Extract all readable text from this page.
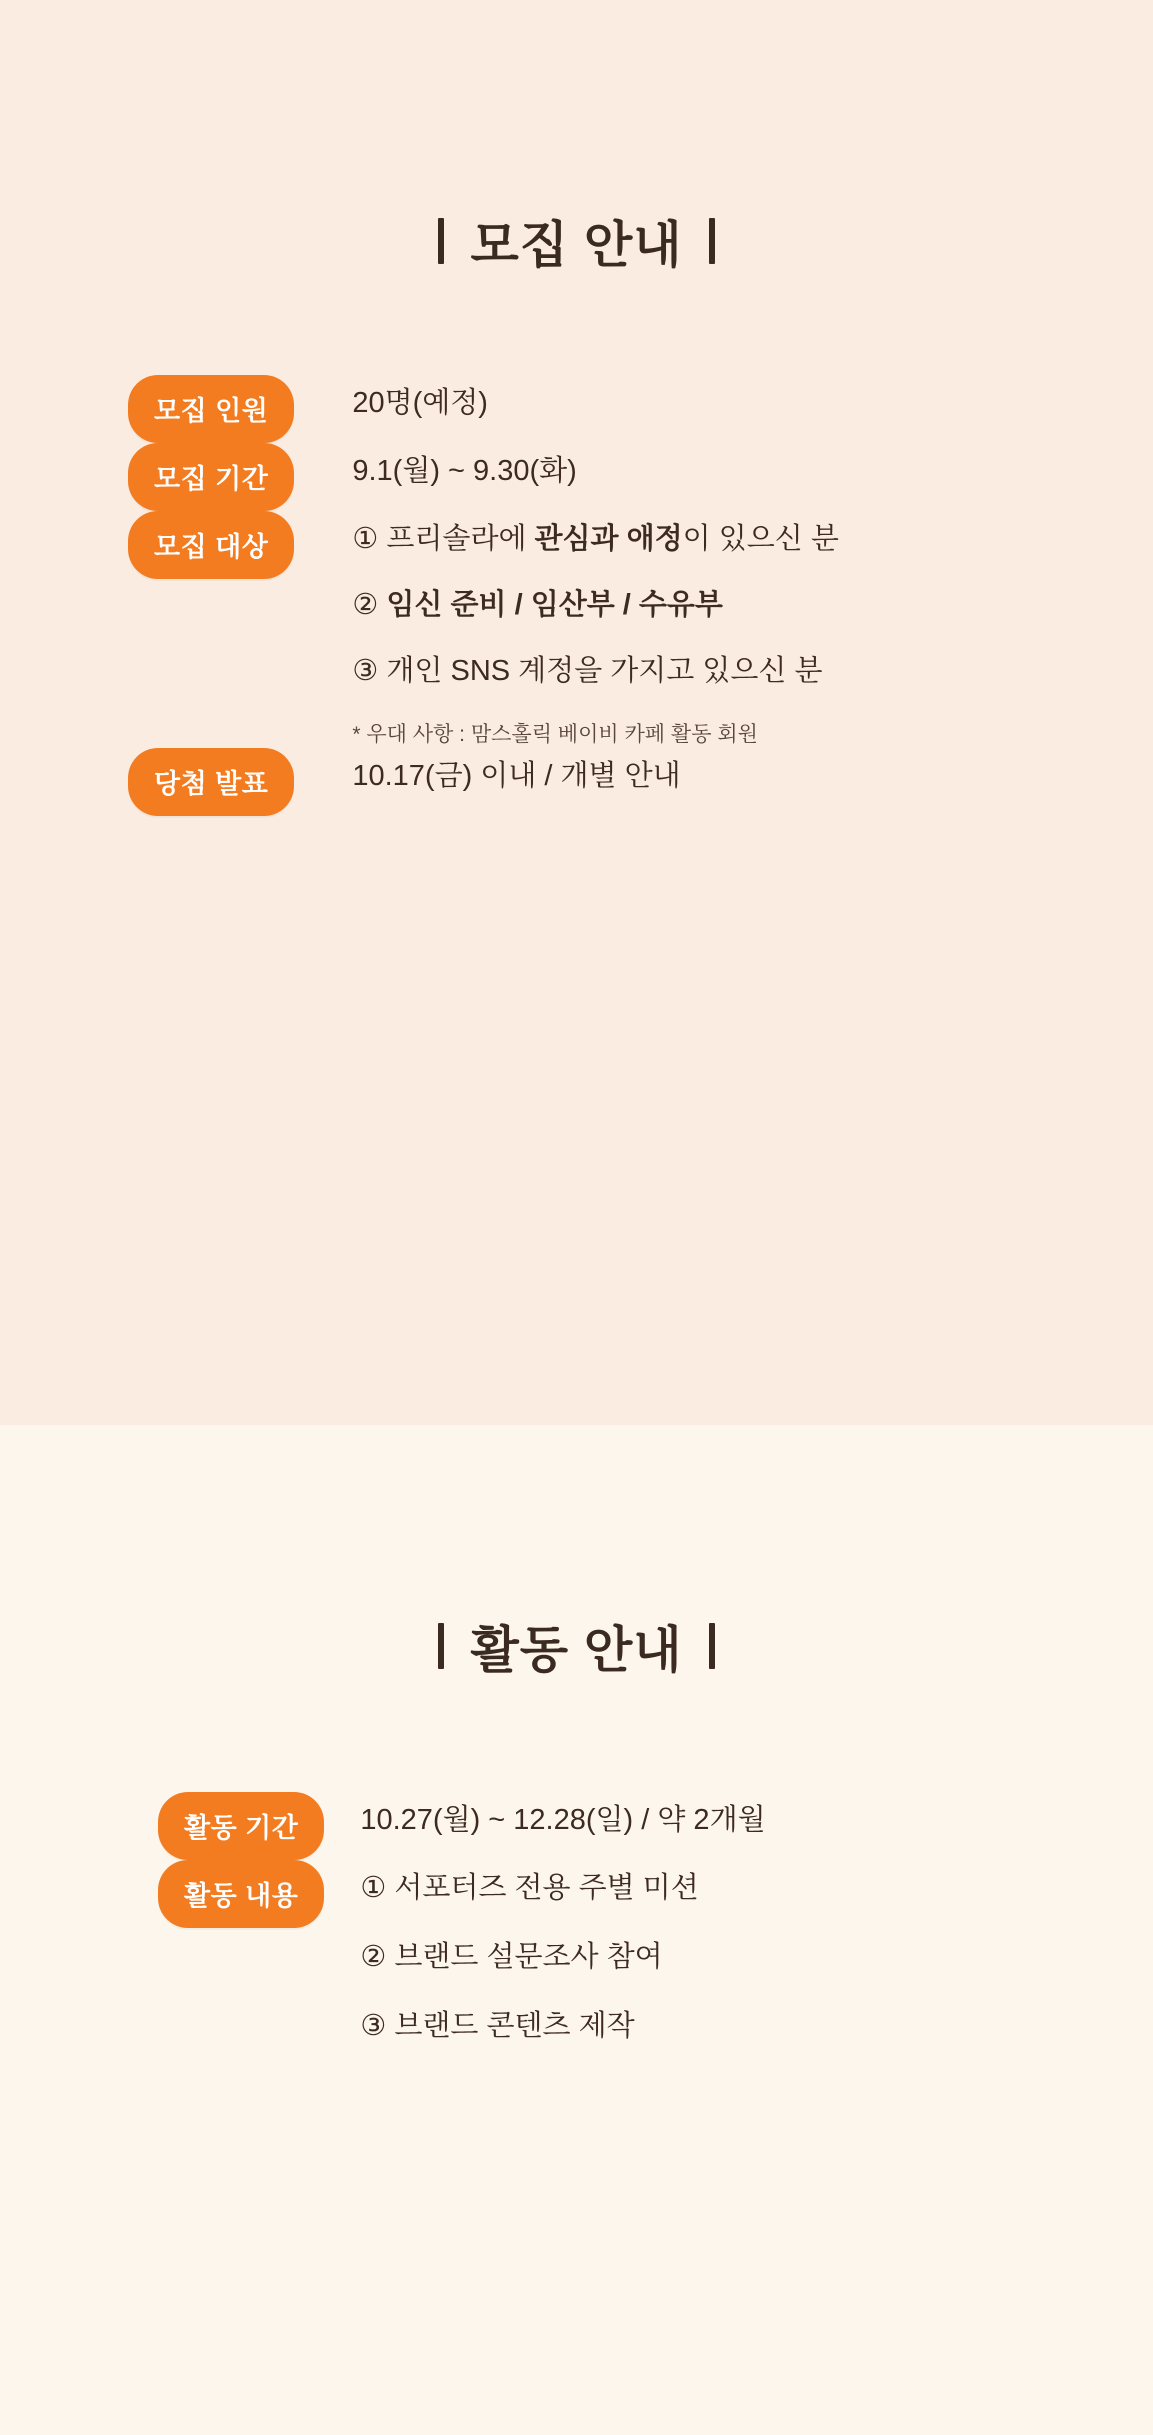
모집 안내
모집 인원	20명(예정)
모집 기간	9.1(월) ~ 9.30(화)
모집 대상	① 프리솔라에 관심과 애정이 있으신 분
② 임신 준비 / 임산부 / 수유부
③ 개인 SNS 계정을 가지고 있으신 분
* 우대 사항 : 맘스홀릭 베이비 카페 활동 회원
당첨 발표	10.17(금) 이내 / 개별 안내
활동 안내
활동 기간	10.27(월) ~ 12.28(일) / 약 2개월
활동 내용	① 서포터즈 전용 주별 미션
② 브랜드 설문조사 참여
③ 브랜드 콘텐츠 제작
